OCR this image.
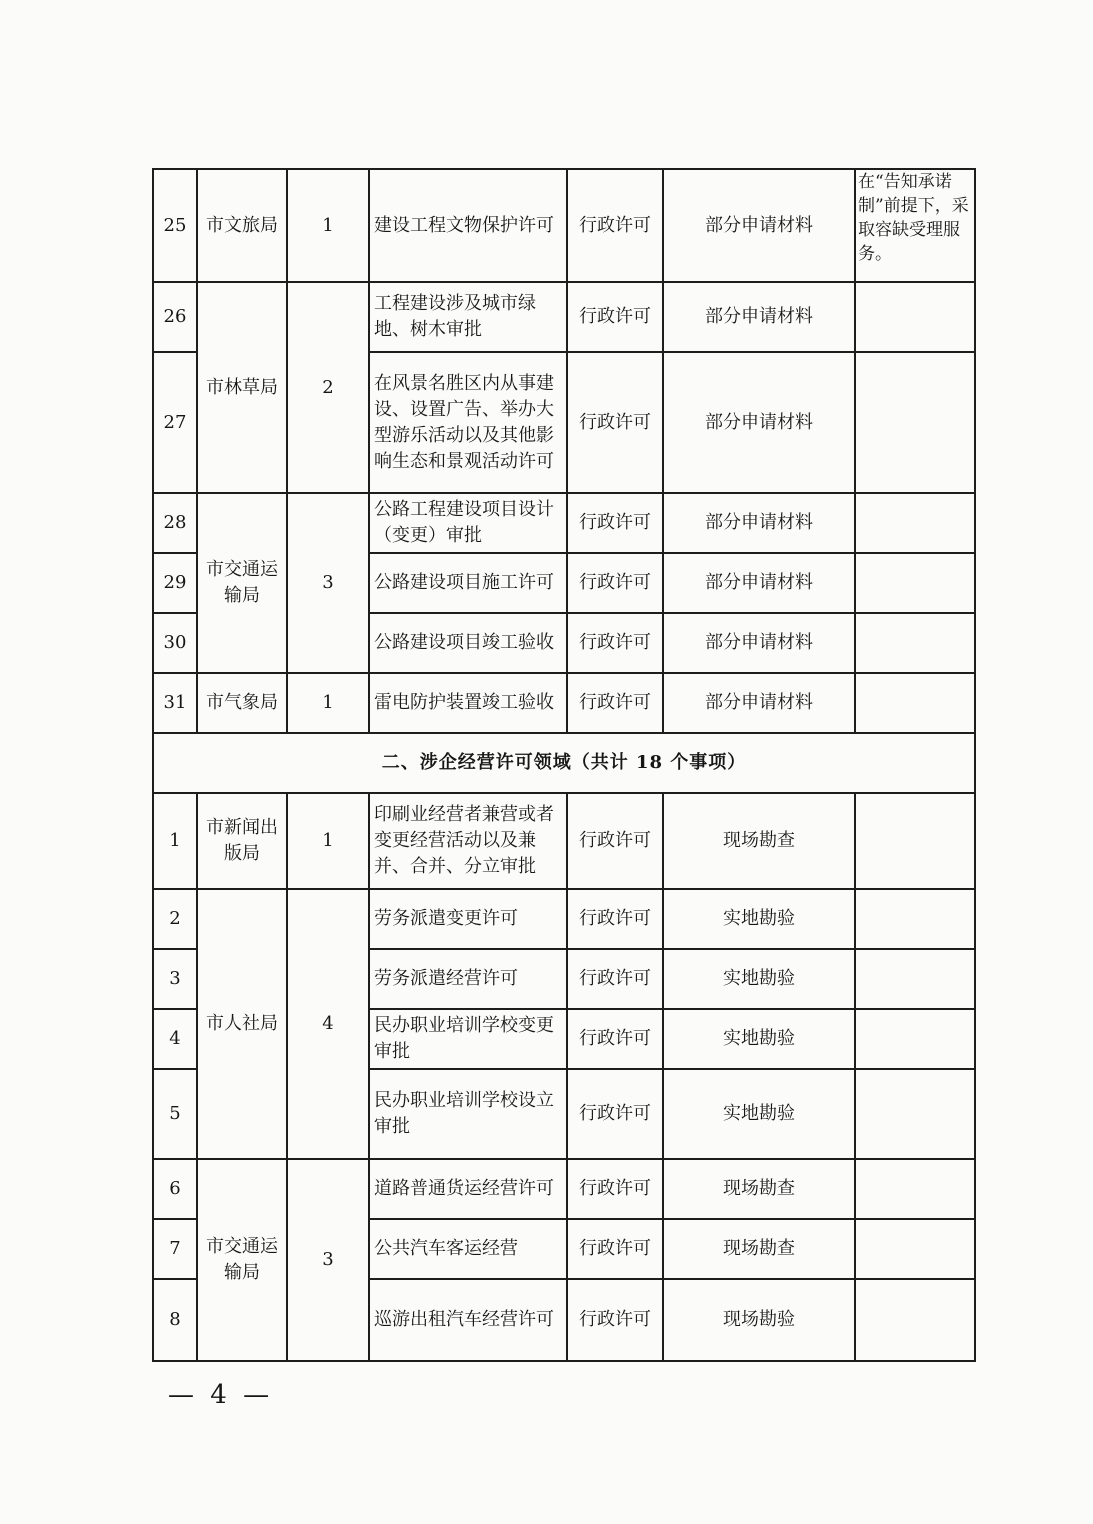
25	市文旅局	1	建设工程文物保护许可	行政许可	部分申请材料	在“告知承诺制”前提下，采取容缺受理服务。
26	市林草局	2	工程建设涉及城市绿地、树木审批	行政许可	部分申请材料	
27			在风景名胜区内从事建设、设置广告、举办大型游乐活动以及其他影响生态和景观活动许可	行政许可	部分申请材料	
28	市交通运输局	3	公路工程建设项目设计（变更）审批	行政许可	部分申请材料	
29			公路建设项目施工许可	行政许可	部分申请材料	
30			公路建设项目竣工验收	行政许可	部分申请材料	
31	市气象局	1	雷电防护装置竣工验收	行政许可	部分申请材料	
二、涉企经营许可领域（共计 18 个事项）						
1	市新闻出版局	1	印刷业经营者兼营或者变更经营活动以及兼并、合并、分立审批	行政许可	现场勘查	
2	市人社局	4	劳务派遣变更许可	行政许可	实地勘验	
3			劳务派遣经营许可	行政许可	实地勘验	
4			民办职业培训学校变更审批	行政许可	实地勘验	
5			民办职业培训学校设立审批	行政许可	实地勘验	
6	市交通运输局	3	道路普通货运经营许可	行政许可	现场勘查	
7			公共汽车客运经营	行政许可	现场勘查	
8			巡游出租汽车经营许可	行政许可	现场勘验	
— 4 —
